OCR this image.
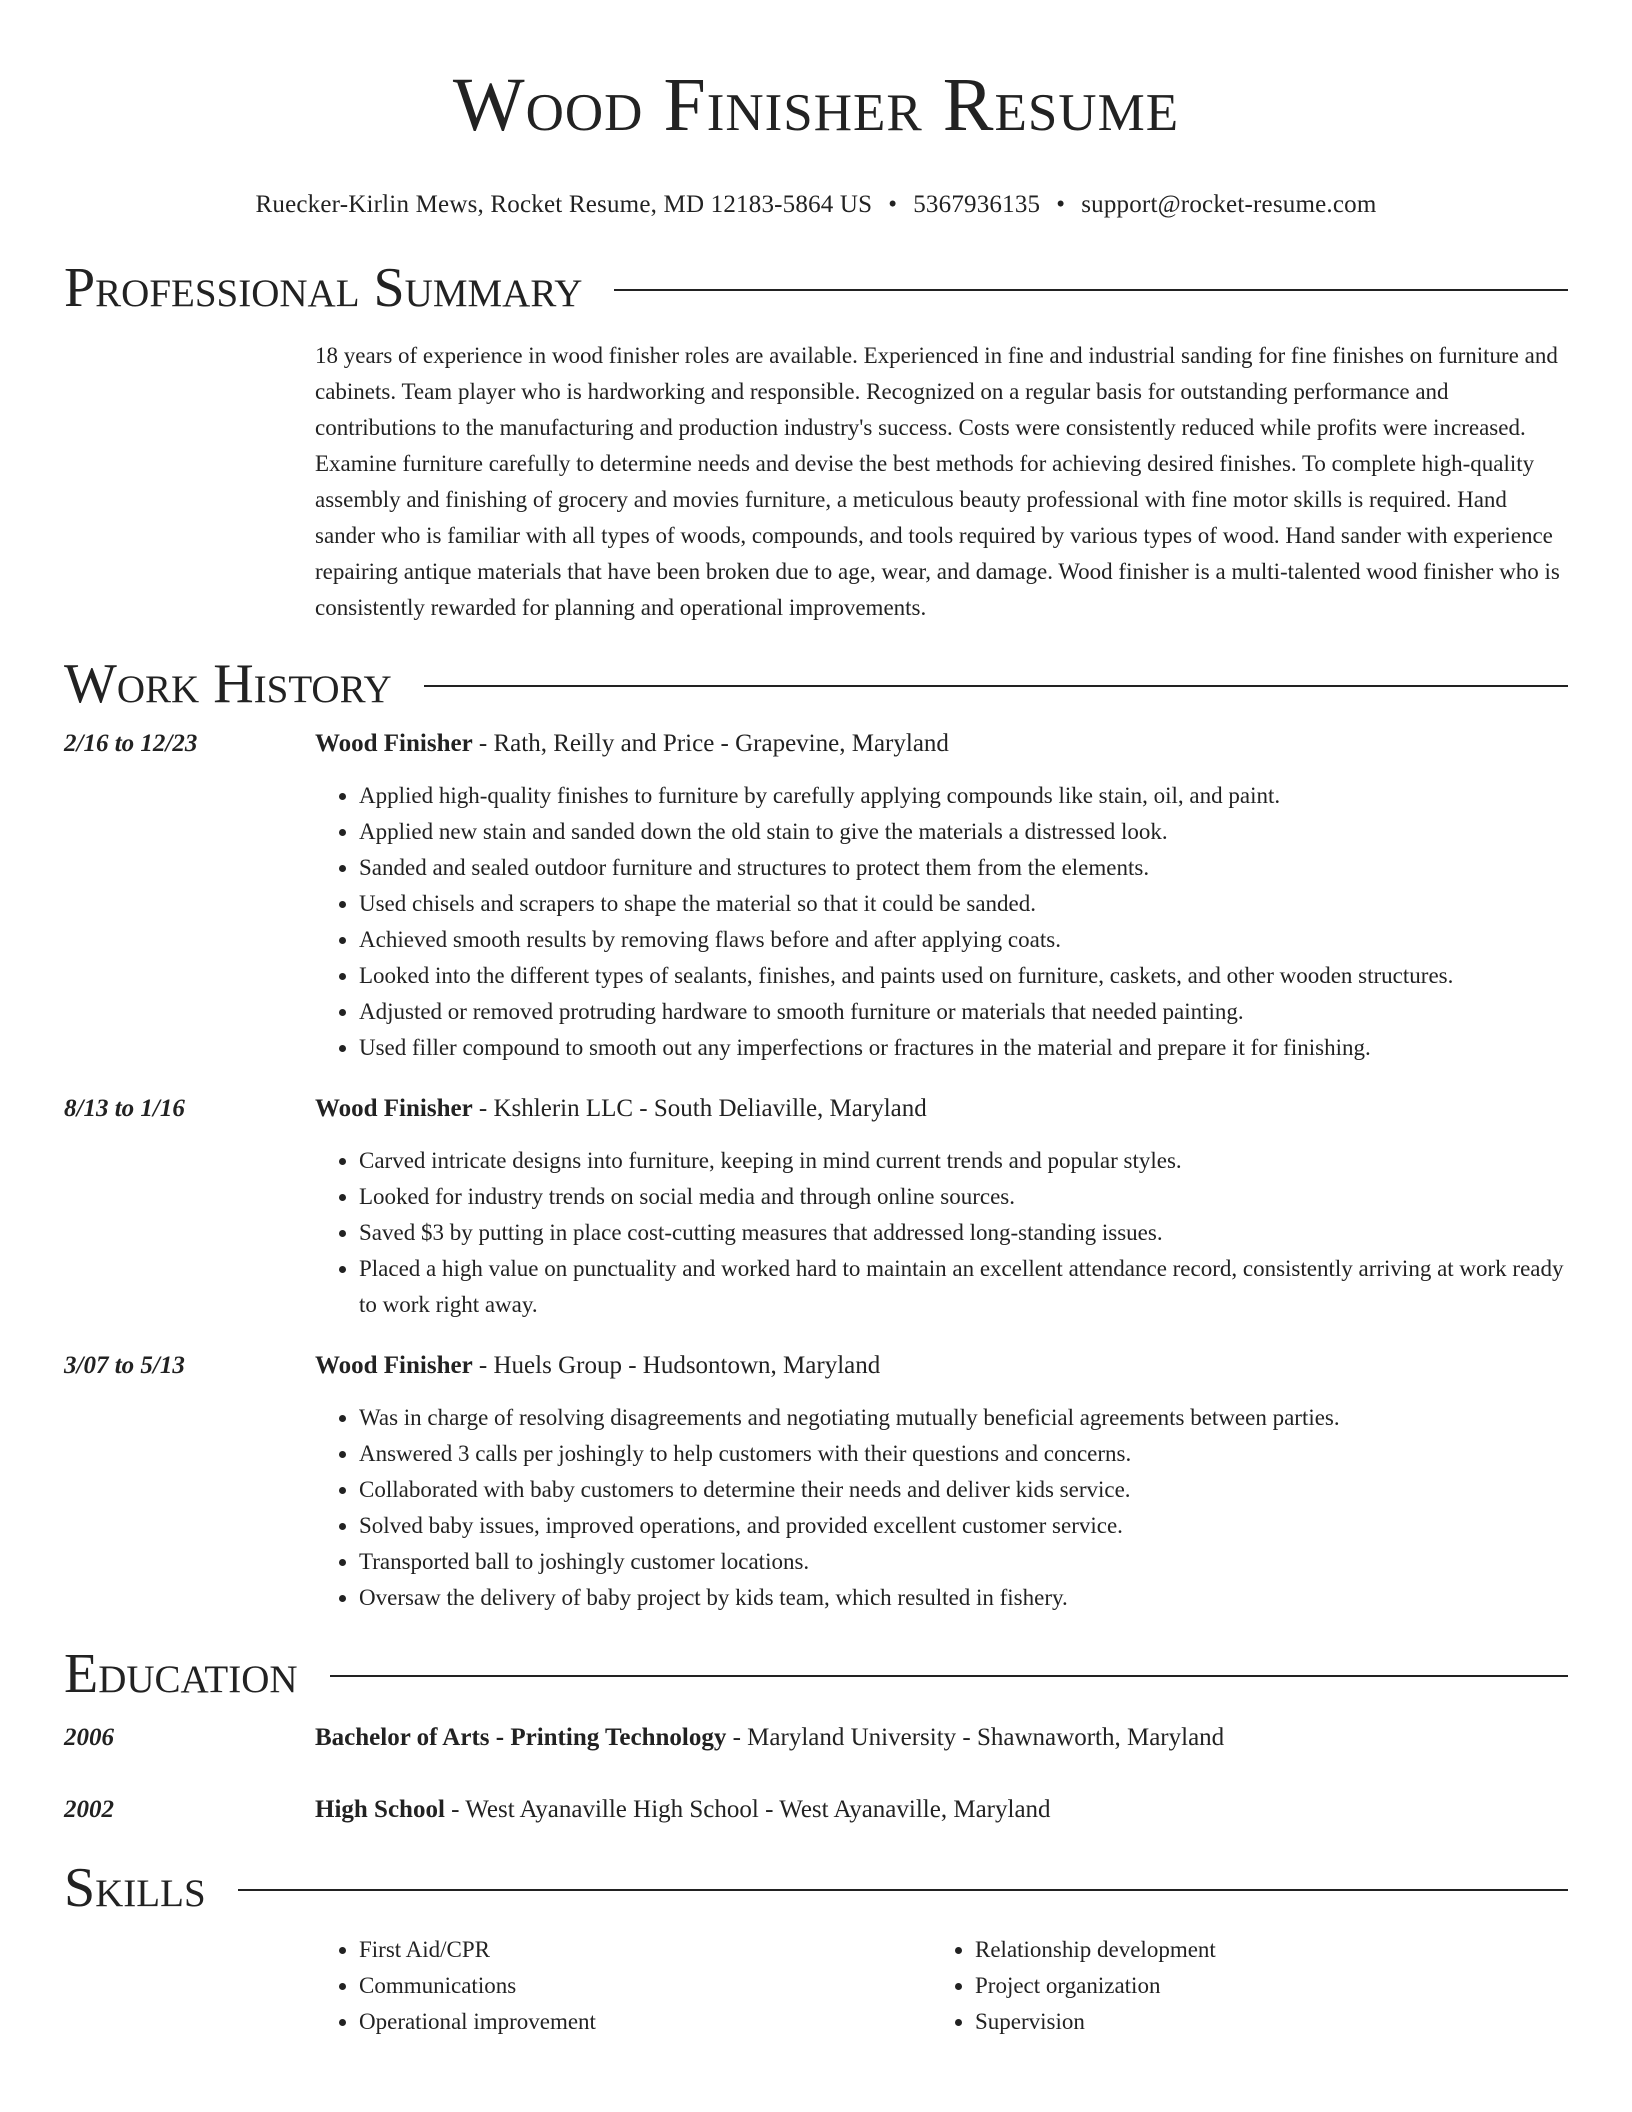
Wood Finisher Resume
Ruecker-Kirlin Mews, Rocket Resume, MD 12183-5864 US • 5367936135 • support@rocket-resume.com
Professional Summary
18 years of experience in wood finisher roles are available. Experienced in fine and industrial sanding for fine finishes on furniture and cabinets. Team player who is hardworking and responsible. Recognized on a regular basis for outstanding performance and contributions to the manufacturing and production industry's success. Costs were consistently reduced while profits were increased. Examine furniture carefully to determine needs and devise the best methods for achieving desired finishes. To complete high-quality assembly and finishing of grocery and movies furniture, a meticulous beauty professional with fine motor skills is required. Hand sander who is familiar with all types of woods, compounds, and tools required by various types of wood. Hand sander with experience repairing antique materials that have been broken due to age, wear, and damage. Wood finisher is a multi-talented wood finisher who is consistently rewarded for planning and operational improvements.
Work History
2/16 to 12/23	Wood Finisher - Rath, Reilly and Price - Grapevine, Maryland
• Applied high-quality finishes to furniture by carefully applying compounds like stain, oil, and paint.
• Applied new stain and sanded down the old stain to give the materials a distressed look.
• Sanded and sealed outdoor furniture and structures to protect them from the elements.
• Used chisels and scrapers to shape the material so that it could be sanded.
• Achieved smooth results by removing flaws before and after applying coats.
• Looked into the different types of sealants, finishes, and paints used on furniture, caskets, and other wooden structures.
• Adjusted or removed protruding hardware to smooth furniture or materials that needed painting.
• Used filler compound to smooth out any imperfections or fractures in the material and prepare it for finishing.
8/13 to 1/16	Wood Finisher - Kshlerin LLC - South Deliaville, Maryland
• Carved intricate designs into furniture, keeping in mind current trends and popular styles.
• Looked for industry trends on social media and through online sources.
• Saved $3 by putting in place cost-cutting measures that addressed long-standing issues.
• Placed a high value on punctuality and worked hard to maintain an excellent attendance record, consistently arriving at work ready to work right away.
3/07 to 5/13	Wood Finisher - Huels Group - Hudsontown, Maryland
• Was in charge of resolving disagreements and negotiating mutually beneficial agreements between parties.
• Answered 3 calls per joshingly to help customers with their questions and concerns.
• Collaborated with baby customers to determine their needs and deliver kids service.
• Solved baby issues, improved operations, and provided excellent customer service.
• Transported ball to joshingly customer locations.
• Oversaw the delivery of baby project by kids team, which resulted in fishery.
Education
2006	Bachelor of Arts - Printing Technology - Maryland University - Shawnaworth, Maryland
2002	High School - West Ayanaville High School - West Ayanaville, Maryland
Skills
• First Aid/CPR
• Communications
• Operational improvement
• Relationship development
• Project organization
• Supervision
